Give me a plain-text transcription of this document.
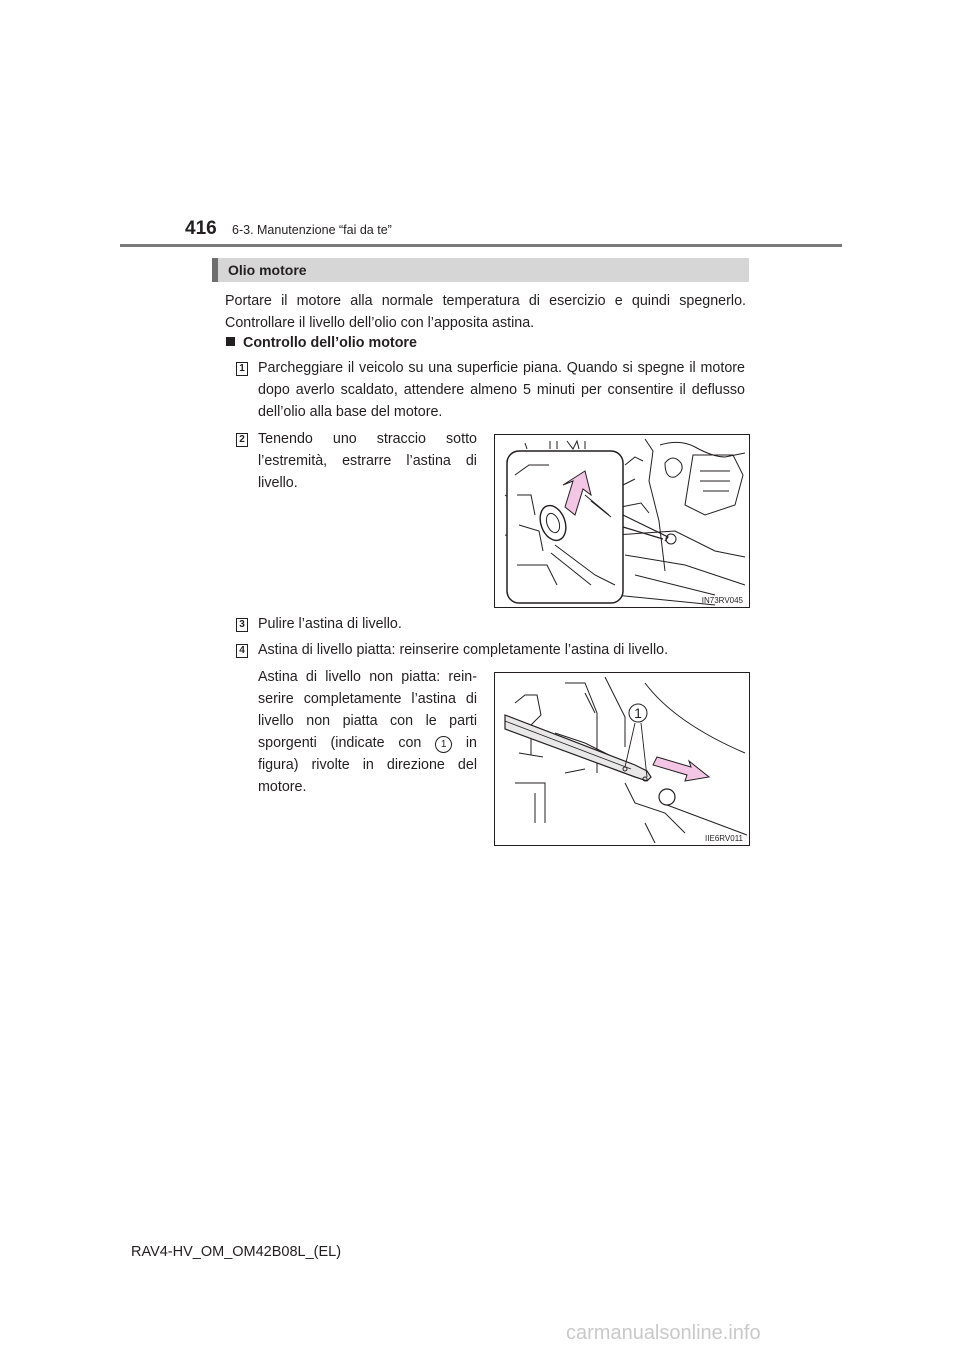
416 6-3. Manutenzione “fai da te”
Olio motore
Portare il motore alla normale temperatura di esercizio e quindi spegnerlo. Controllare il livello dell’olio con l’apposita astina.
Controllo dell’olio motore
1 Parcheggiare il veicolo su una superficie piana. Quando si spegne il motore dopo averlo scaldato, attendere almeno 5 minuti per consentire il deflusso dell’olio alla base del motore.
2 Tenendo uno straccio sotto l’estremità, estrarre l’astina di livello.
IN73RV045
3 Pulire l’astina di livello.
4 Astina di livello piatta: reinserire completamente l’astina di livello.
Astina di livello non piatta: rein-serire completamente l’astina di livello non piatta con le parti sporgenti (indicate con 1 in figura) rivolte in direzione del motore.
1
IIE6RV011
RAV4-HV_OM_OM42B08L_(EL)
carmanualsonline.info
